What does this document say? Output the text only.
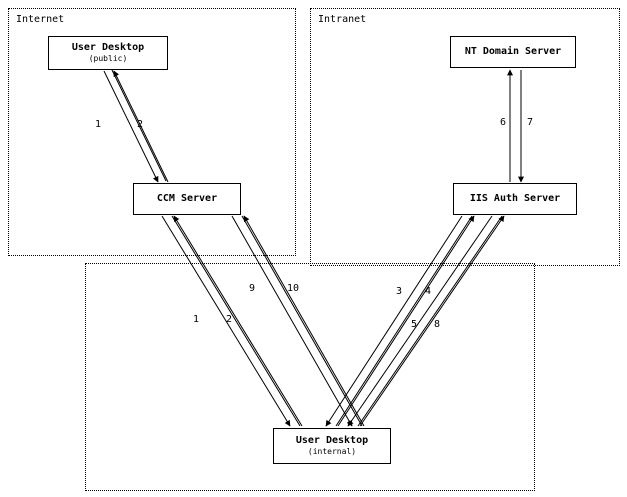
Internet	Intranet
User Desktop
(public)
CCM Server
NT Domain Server
IIS Auth Server
User Desktop
(internal)
1	2	6 7
9	10	3 4
1	2	5 8
